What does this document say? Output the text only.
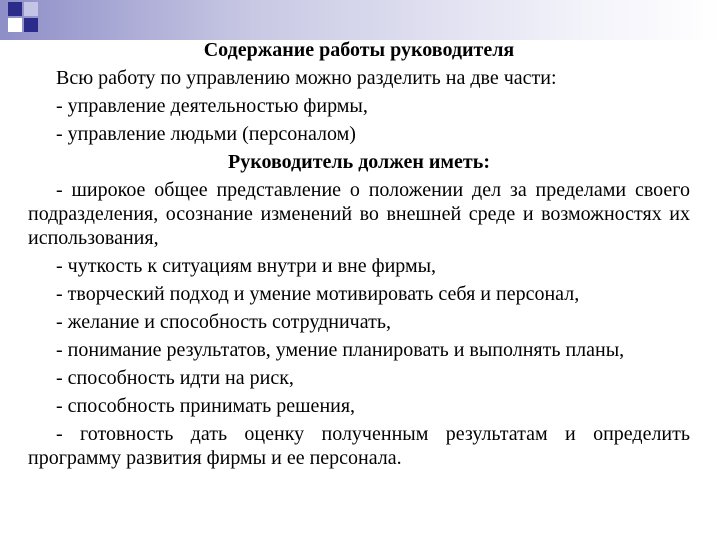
Содержание работы руководителя
Всю работу по управлению можно разделить на две части:
- управление деятельностью фирмы,
- управление людьми (персоналом)
Руководитель должен иметь:
- широкое общее представление о положении дел за пределами своего подразделения, осознание изменений во внешней среде и возможностях их использования,
- чуткость к ситуациям внутри и вне фирмы,
- творческий подход и умение мотивировать себя и персонал,
- желание и способность сотрудничать,
- понимание результатов, умение планировать и выполнять планы,
- способность идти на риск,
- способность принимать решения,
- готовность дать оценку полученным результатам и определить программу развития фирмы и ее персонала.
